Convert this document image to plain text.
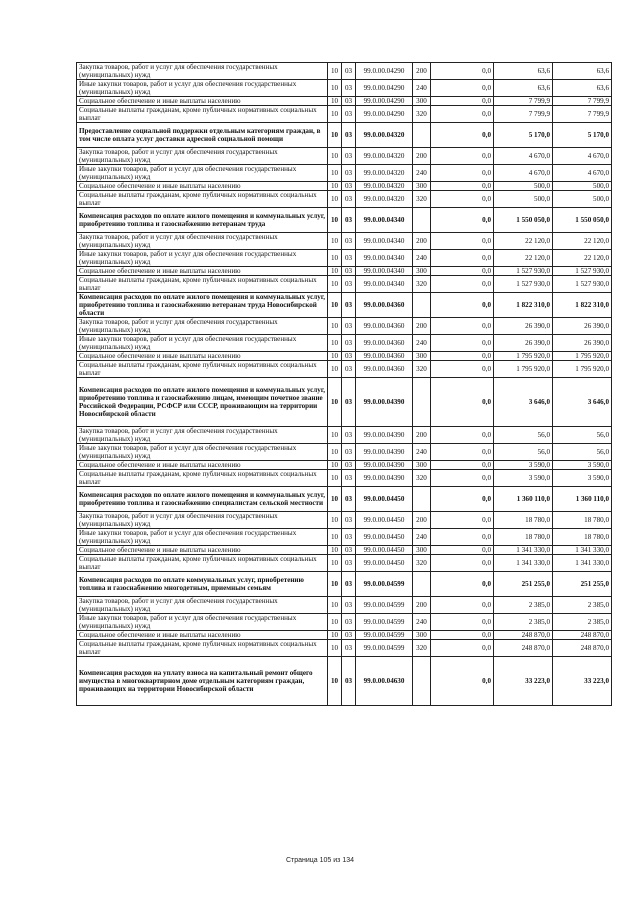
Закупка товаров, работ и услуг для обеспечения государственных (муниципальных) нужд	10	03	99.0.00.04290	200	0,0	63,6	63,6
Иные закупки товаров, работ и услуг для обеспечения государственных (муниципальных) нужд	10	03	99.0.00.04290	240	0,0	63,6	63,6
Социальное обеспечение и иные выплаты населению	10	03	99.0.00.04290	300	0,0	7 799,9	7 799,9
Социальные выплаты гражданам, кроме публичных нормативных социальных выплат	10	03	99.0.00.04290	320	0,0	7 799,9	7 799,9
Предоставление социальной поддержки отдельным категориям граждан, в том числе оплата услуг доставки адресной социальной помощи	10	03	99.0.00.04320		0,0	5 170,0	5 170,0
Закупка товаров, работ и услуг для обеспечения государственных (муниципальных) нужд	10	03	99.0.00.04320	200	0,0	4 670,0	4 670,0
Иные закупки товаров, работ и услуг для обеспечения государственных (муниципальных) нужд	10	03	99.0.00.04320	240	0,0	4 670,0	4 670,0
Социальное обеспечение и иные выплаты населению	10	03	99.0.00.04320	300	0,0	500,0	500,0
Социальные выплаты гражданам, кроме публичных нормативных социальных выплат	10	03	99.0.00.04320	320	0,0	500,0	500,0
Компенсация расходов по оплате жилого помещения и коммунальных услуг, приобретению топлива и газоснабжению ветеранам труда	10	03	99.0.00.04340		0,0	1 550 050,0	1 550 050,0
Закупка товаров, работ и услуг для обеспечения государственных (муниципальных) нужд	10	03	99.0.00.04340	200	0,0	22 120,0	22 120,0
Иные закупки товаров, работ и услуг для обеспечения государственных (муниципальных) нужд	10	03	99.0.00.04340	240	0,0	22 120,0	22 120,0
Социальное обеспечение и иные выплаты населению	10	03	99.0.00.04340	300	0,0	1 527 930,0	1 527 930,0
Социальные выплаты гражданам, кроме публичных нормативных социальных выплат	10	03	99.0.00.04340	320	0,0	1 527 930,0	1 527 930,0
Компенсация расходов по оплате жилого помещения и коммунальных услуг, приобретению топлива и газоснабжению ветеранам труда Новосибирской области	10	03	99.0.00.04360		0,0	1 822 310,0	1 822 310,0
Закупка товаров, работ и услуг для обеспечения государственных (муниципальных) нужд	10	03	99.0.00.04360	200	0,0	26 390,0	26 390,0
Иные закупки товаров, работ и услуг для обеспечения государственных (муниципальных) нужд	10	03	99.0.00.04360	240	0,0	26 390,0	26 390,0
Социальное обеспечение и иные выплаты населению	10	03	99.0.00.04360	300	0,0	1 795 920,0	1 795 920,0
Социальные выплаты гражданам, кроме публичных нормативных социальных выплат	10	03	99.0.00.04360	320	0,0	1 795 920,0	1 795 920,0
Компенсация расходов по оплате жилого помещения и коммунальных услуг, приобретению топлива и газоснабжению лицам, имеющим почетное звание Российской Федерации, РСФСР или СССР, проживающим на территории Новосибирской области	10	03	99.0.00.04390		0,0	3 646,0	3 646,0
Закупка товаров, работ и услуг для обеспечения государственных (муниципальных) нужд	10	03	99.0.00.04390	200	0,0	56,0	56,0
Иные закупки товаров, работ и услуг для обеспечения государственных (муниципальных) нужд	10	03	99.0.00.04390	240	0,0	56,0	56,0
Социальное обеспечение и иные выплаты населению	10	03	99.0.00.04390	300	0,0	3 590,0	3 590,0
Социальные выплаты гражданам, кроме публичных нормативных социальных выплат	10	03	99.0.00.04390	320	0,0	3 590,0	3 590,0
Компенсация расходов по оплате жилого помещения и коммунальных услуг, приобретению топлива и газоснабжению специалистам сельской местности	10	03	99.0.00.04450		0,0	1 360 110,0	1 360 110,0
Закупка товаров, работ и услуг для обеспечения государственных (муниципальных) нужд	10	03	99.0.00.04450	200	0,0	18 780,0	18 780,0
Иные закупки товаров, работ и услуг для обеспечения государственных (муниципальных) нужд	10	03	99.0.00.04450	240	0,0	18 780,0	18 780,0
Социальное обеспечение и иные выплаты населению	10	03	99.0.00.04450	300	0,0	1 341 330,0	1 341 330,0
Социальные выплаты гражданам, кроме публичных нормативных социальных выплат	10	03	99.0.00.04450	320	0,0	1 341 330,0	1 341 330,0
Компенсация расходов по оплате коммунальных услуг, приобретению топлива и газоснабжению многодетным, приемным семьям	10	03	99.0.00.04599		0,0	251 255,0	251 255,0
Закупка товаров, работ и услуг для обеспечения государственных (муниципальных) нужд	10	03	99.0.00.04599	200	0,0	2 385,0	2 385,0
Иные закупки товаров, работ и услуг для обеспечения государственных (муниципальных) нужд	10	03	99.0.00.04599	240	0,0	2 385,0	2 385,0
Социальное обеспечение и иные выплаты населению	10	03	99.0.00.04599	300	0,0	248 870,0	248 870,0
Социальные выплаты гражданам, кроме публичных нормативных социальных выплат	10	03	99.0.00.04599	320	0,0	248 870,0	248 870,0
Компенсация расходов на уплату взноса на капитальный ремонт общего имущества в многоквартирном доме отдельным категориям граждан, проживающих на территории Новосибирской области	10	03	99.0.00.04630		0,0	33 223,0	33 223,0
Страница 105 из 134
